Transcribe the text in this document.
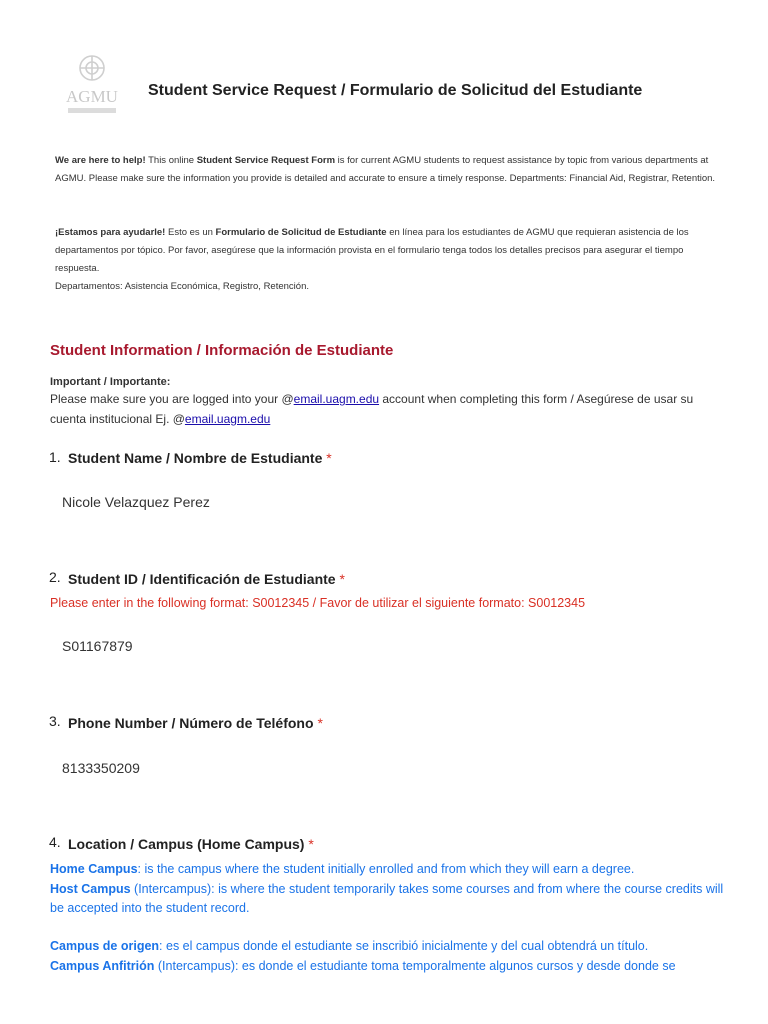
AGMU Student Service Request / Formulario de Solicitud del Estudiante
We are here to help! This online Student Service Request Form is for current AGMU students to request assistance by topic from various departments at AGMU. Please make sure the information you provide is detailed and accurate to ensure a timely response. Departments: Financial Aid, Registrar, Retention.
¡Estamos para ayudarle! Esto es un Formulario de Solicitud de Estudiante en línea para los estudiantes de AGMU que requieran asistencia de los departamentos por tópico. Por favor, asegúrese que la información provista en el formulario tenga todos los detalles precisos para asegurar el tiempo respuesta.
Departamentos: Asistencia Económica, Registro, Retención.
Student Information / Información de Estudiante
Important / Importante:
Please make sure you are logged into your @email.uagm.edu account when completing this form / Asegúrese de usar su cuenta institucional Ej. @email.uagm.edu
1. Student Name / Nombre de Estudiante *
Nicole Velazquez Perez
2. Student ID / Identificación de Estudiante *
Please enter in the following format: S0012345 / Favor de utilizar el siguiente formato: S0012345
S01167879
3. Phone Number / Número de Teléfono *
8133350209
4. Location / Campus (Home Campus) *
Home Campus: is the campus where the student initially enrolled and from which they will earn a degree.
Host Campus (Intercampus): is where the student temporarily takes some courses and from where the course credits will be accepted into the student record.
Campus de origen: es el campus donde el estudiante se inscribió inicialmente y del cual obtendrá un título.
Campus Anfitrión (Intercampus): es donde el estudiante toma temporalmente algunos cursos y desde donde se
